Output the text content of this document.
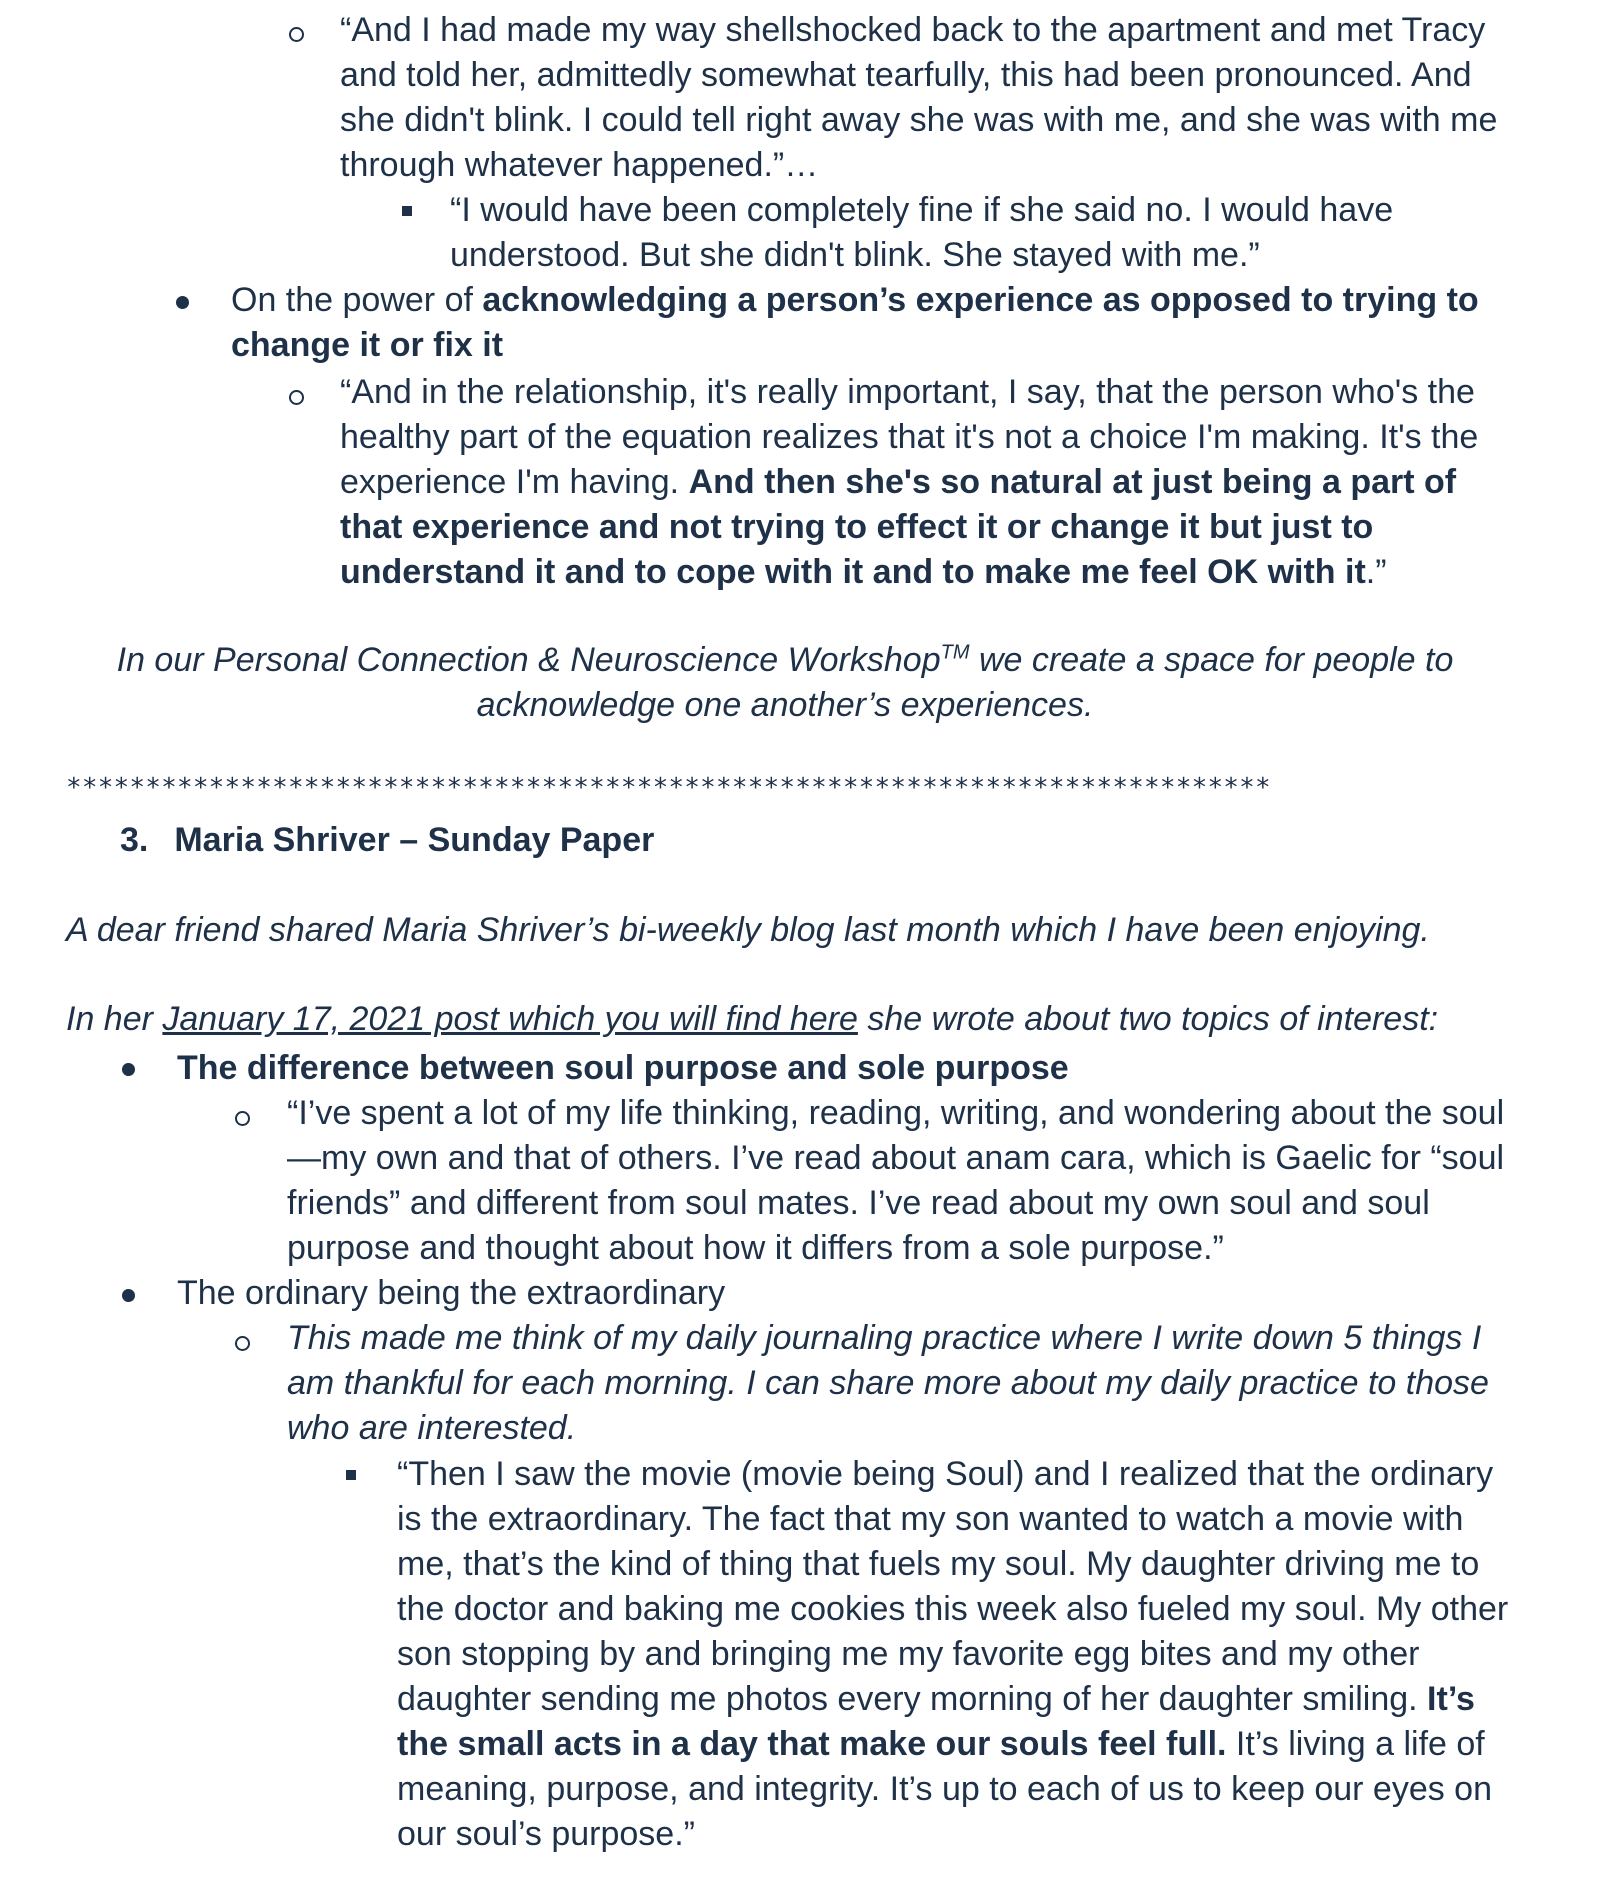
“And I had made my way shellshocked back to the apartment and met Tracy and told her, admittedly somewhat tearfully, this had been pronounced. And she didn't blink. I could tell right away she was with me, and she was with me through whatever happened.”…
“I would have been completely fine if she said no. I would have understood. But she didn't blink. She stayed with me.”
On the power of acknowledging a person’s experience as opposed to trying to change it or fix it
“And in the relationship, it's really important, I say, that the person who's the healthy part of the equation realizes that it's not a choice I'm making. It's the experience I'm having. And then she's so natural at just being a part of that experience and not trying to effect it or change it but just to understand it and to cope with it and to make me feel OK with it.”
In our Personal Connection & Neuroscience Workshop™ we create a space for people to acknowledge one another’s experiences.
****************************************************************************
3. Maria Shriver – Sunday Paper
A dear friend shared Maria Shriver’s bi-weekly blog last month which I have been enjoying.
In her January 17, 2021 post which you will find here she wrote about two topics of interest:
The difference between soul purpose and sole purpose
“I’ve spent a lot of my life thinking, reading, writing, and wondering about the soul—my own and that of others. I’ve read about anam cara, which is Gaelic for “soul friends” and different from soul mates. I’ve read about my own soul and soul purpose and thought about how it differs from a sole purpose.”
The ordinary being the extraordinary
This made me think of my daily journaling practice where I write down 5 things I am thankful for each morning. I can share more about my daily practice to those who are interested.
“Then I saw the movie (movie being Soul) and I realized that the ordinary is the extraordinary. The fact that my son wanted to watch a movie with me, that’s the kind of thing that fuels my soul. My daughter driving me to the doctor and baking me cookies this week also fueled my soul. My other son stopping by and bringing me my favorite egg bites and my other daughter sending me photos every morning of her daughter smiling. It’s the small acts in a day that make our souls feel full. It’s living a life of meaning, purpose, and integrity. It’s up to each of us to keep our eyes on our soul’s purpose.”
